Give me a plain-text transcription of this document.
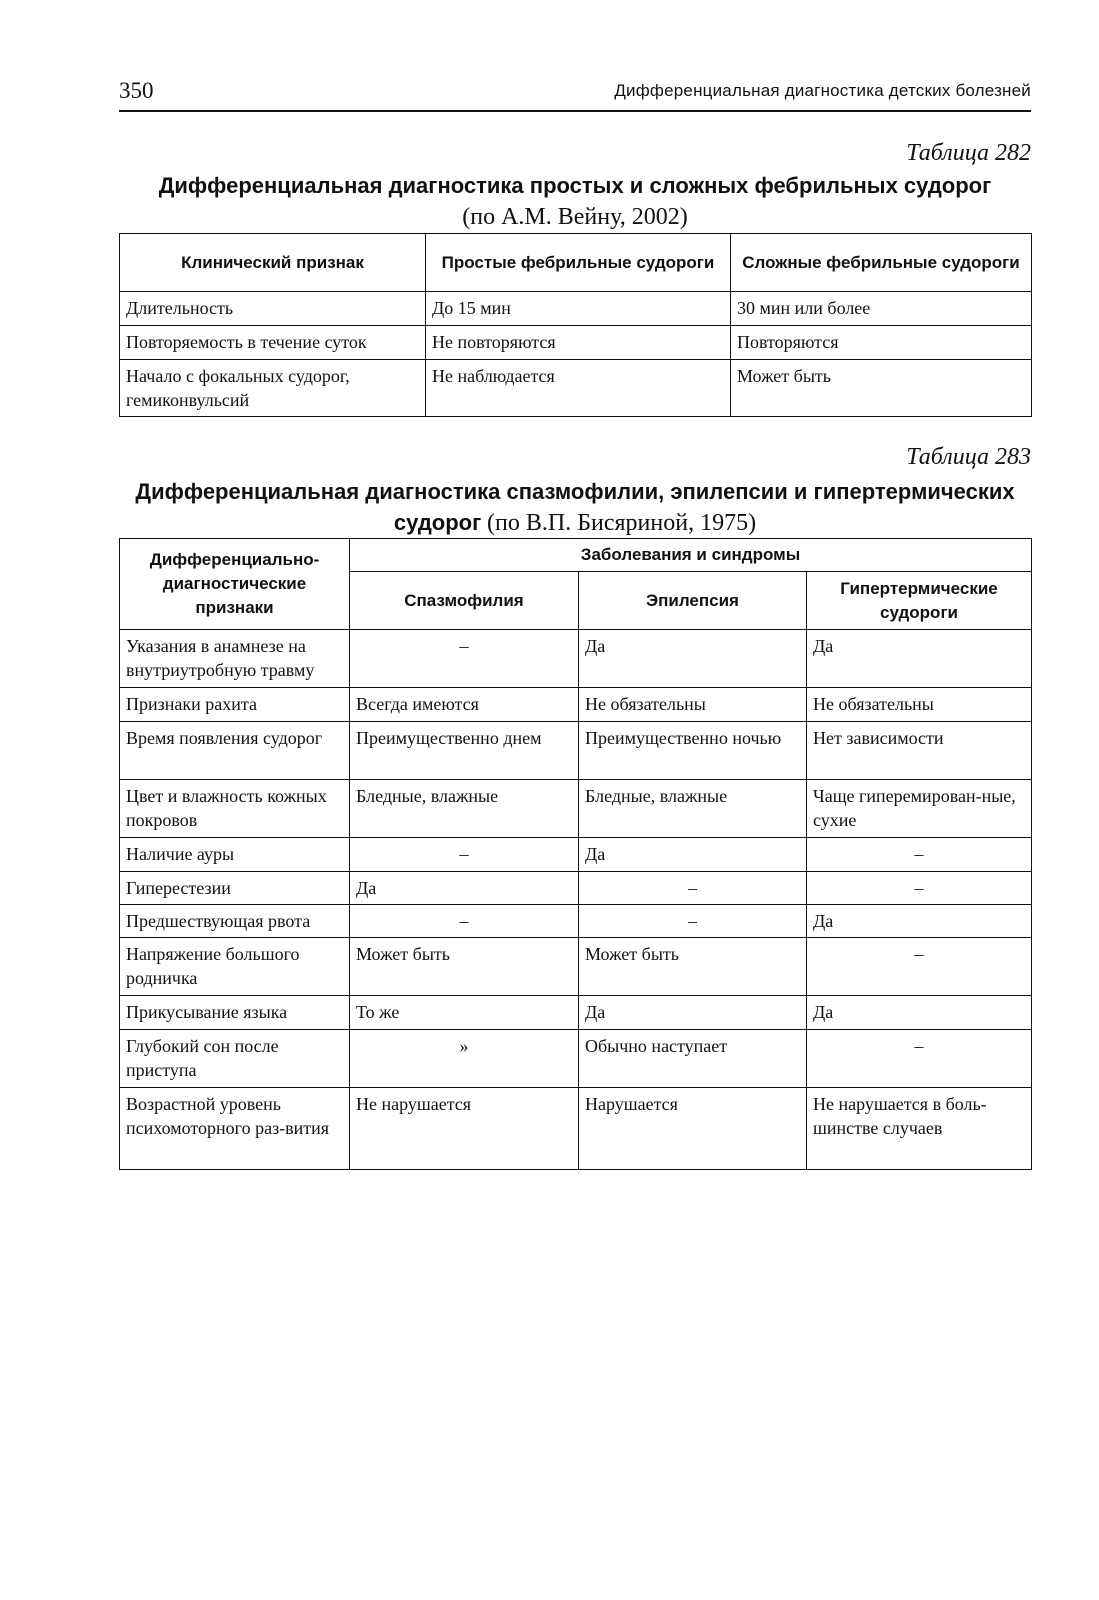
350	Дифференциальная диагностика детских болезней
Таблица 282
Дифференциальная диагностика простых и сложных фебрильных судорог
(по А.М. Вейну, 2002)
Клинический признак	Простые фебрильные судороги	Сложные фебрильные судороги
Длительность	До 15 мин	30 мин или более
Повторяемость в течение суток	Не повторяются	Повторяются
Начало с фокальных судорог, гемиконвульсий	Не наблюдается	Может быть
Таблица 283
Дифференциальная диагностика спазмофилии, эпилепсии и гипертермических
судорог (по В.П. Бисяриной, 1975)
Дифференциально-диагностические признаки	Заболевания и синдромы		
	Спазмофилия	Эпилепсия	Гипертермические судороги
Указания в анамнезе на внутриутробную травму	–	Да	Да
Признаки рахита	Всегда имеются	Не обязательны	Не обязательны
Время появления судорог	Преимущественно днем	Преимущественно ночью	Нет зависимости
Цвет и влажность кожных покровов	Бледные, влажные	Бледные, влажные	Чаще гиперемирован-ные, сухие
Наличие ауры	–	Да	–
Гиперестезии	Да	–	–
Предшествующая рвота	–	–	Да
Напряжение большого родничка	Может быть	Может быть	–
Прикусывание языка	То же	Да	Да
Глубокий сон после приступа	»	Обычно наступает	–
Возрастной уровень психомоторного раз-вития	Не нарушается	Нарушается	Не нарушается в боль-шинстве случаев
